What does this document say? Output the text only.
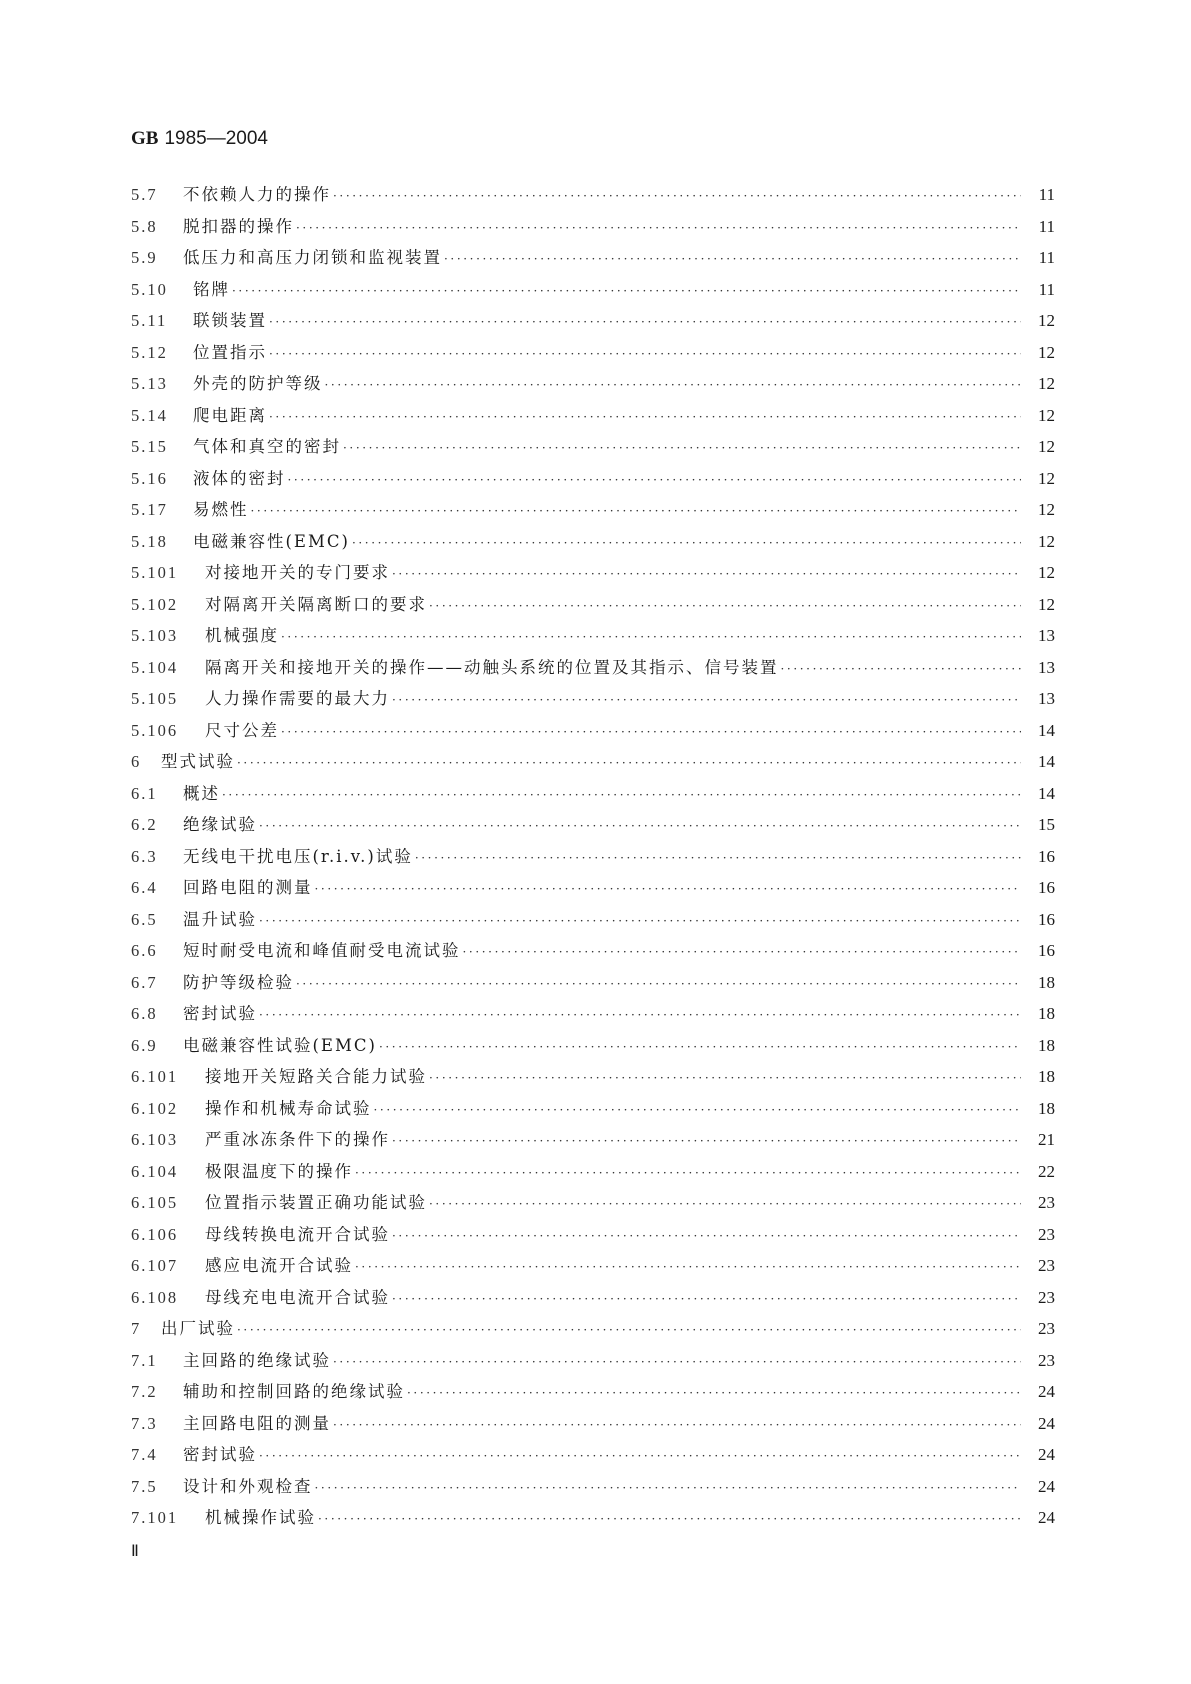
GB 1985—2004
5.7	不依赖人力的操作 ·····	11
5.8	脱扣器的操作 ·····	11
5.9	低压力和高压力闭锁和监视装置 ·····	11
5.10	铭牌 ·····	11
5.11	联锁装置 ·····	12
5.12	位置指示 ·····	12
5.13	外壳的防护等级 ·····	12
5.14	爬电距离 ·····	12
5.15	气体和真空的密封 ·····	12
5.16	液体的密封 ·····	12
5.17	易燃性 ·····	12
5.18	电磁兼容性(EMC) ·····	12
5.101	对接地开关的专门要求 ·····	12
5.102	对隔离开关隔离断口的要求 ·····	12
5.103	机械强度 ·····	13
5.104	隔离开关和接地开关的操作——动触头系统的位置及其指示、信号装置 ·····	13
5.105	人力操作需要的最大力 ·····	13
5.106	尺寸公差 ·····	14
6	型式试验 ·····	14
6.1	概述 ·····	14
6.2	绝缘试验 ·····	15
6.3	无线电干扰电压(r.i.v.)试验 ·····	16
6.4	回路电阻的测量 ·····	16
6.5	温升试验 ·····	16
6.6	短时耐受电流和峰值耐受电流试验 ·····	16
6.7	防护等级检验 ·····	18
6.8	密封试验 ·····	18
6.9	电磁兼容性试验(EMC) ·····	18
6.101	接地开关短路关合能力试验 ·····	18
6.102	操作和机械寿命试验 ·····	18
6.103	严重冰冻条件下的操作 ·····	21
6.104	极限温度下的操作 ·····	22
6.105	位置指示装置正确功能试验 ·····	23
6.106	母线转换电流开合试验 ·····	23
6.107	感应电流开合试验 ·····	23
6.108	母线充电电流开合试验 ·····	23
7	出厂试验 ·····	23
7.1	主回路的绝缘试验 ·····	23
7.2	辅助和控制回路的绝缘试验 ·····	24
7.3	主回路电阻的测量 ·····	24
7.4	密封试验 ·····	24
7.5	设计和外观检查 ·····	24
7.101	机械操作试验 ·····	24
Ⅱ
